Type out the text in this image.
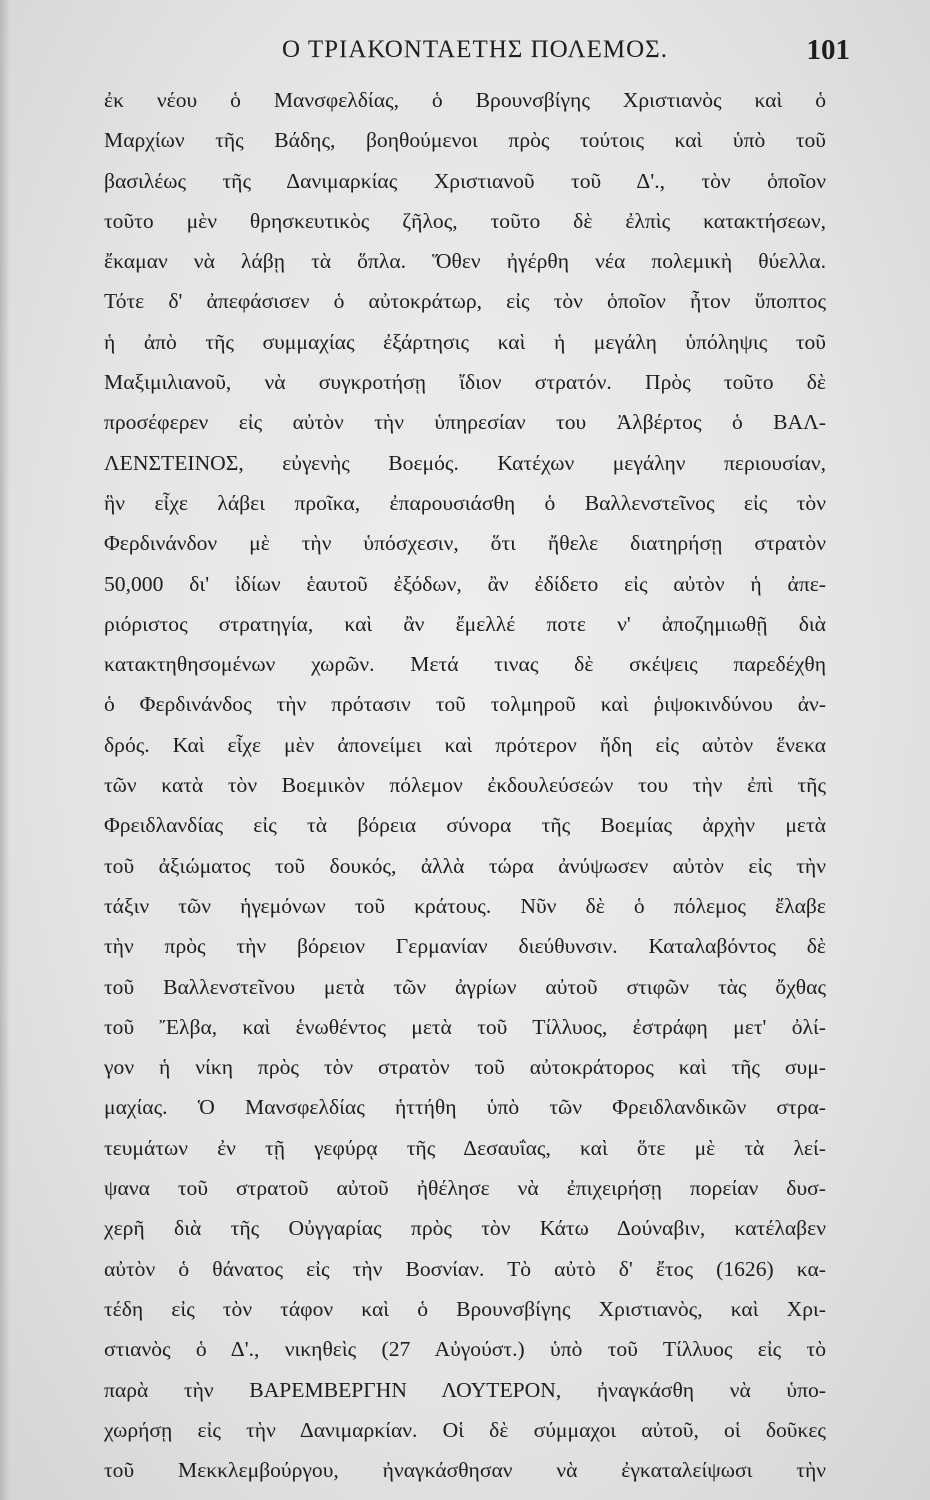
Ο ΤΡΙΑΚΟΝΤΑΕΤΗΣ ΠΟΛΕΜΟΣ.	101
ἐκ νέου ὁ Μανσφελδίας, ὁ Βρουνσβίγης Χριστιανὸς καὶ ὁ
Μαρχίων τῆς Βάδης, βοηθούμενοι πρὸς τούτοις καὶ ὑπὸ τοῦ
βασιλέως τῆς Δανιμαρκίας Χριστιανοῦ τοῦ Δ'., τὸν ὁποῖον
τοῦτο μὲν θρησκευτικὸς ζῆλος, τοῦτο δὲ ἐλπὶς κατακτήσεων,
ἔκαμαν νὰ λάβῃ τὰ ὅπλα. Ὅθεν ἠγέρθη νέα πολεμικὴ θύελλα.
Τότε δ' ἀπεφάσισεν ὁ αὐτοκράτωρ, εἰς τὸν ὁποῖον ἦτον ὕποπτος
ἡ ἀπὸ τῆς συμμαχίας ἐξάρτησις καὶ ἡ μεγάλη ὑπόληψις τοῦ
Μαξιμιλιανοῦ, νὰ συγκροτήσῃ ἴδιον στρατόν. Πρὸς τοῦτο δὲ
προσέφερεν εἰς αὐτὸν τὴν ὑπηρεσίαν του Ἀλβέρτος ὁ ΒΑΛ-
ΛΕΝΣΤΕΙΝΟΣ, εὐγενὴς Βοεμός. Κατέχων μεγάλην περιουσίαν,
ἣν εἶχε λάβει προῖκα, ἐπαρουσιάσθη ὁ Βαλλενστεῖνος εἰς τὸν
Φερδινάνδον μὲ τὴν ὑπόσχεσιν, ὅτι ἤθελε διατηρήσῃ στρατὸν
50,000 δι' ἰδίων ἑαυτοῦ ἐξόδων, ἂν ἐδίδετο εἰς αὐτὸν ἡ ἀπε-
ριόριστος στρατηγία, καὶ ἂν ἔμελλέ ποτε ν' ἀποζημιωθῇ διὰ
κατακτηθησομένων χωρῶν. Μετά τινας δὲ σκέψεις παρεδέχθη
ὁ Φερδινάνδος τὴν πρότασιν τοῦ τολμηροῦ καὶ ῥιψοκινδύνου ἀν-
δρός. Καὶ εἶχε μὲν ἀπονείμει καὶ πρότερον ἤδη εἰς αὐτὸν ἕνεκα
τῶν κατὰ τὸν Βοεμικὸν πόλεμον ἐκδουλεύσεών του τὴν ἐπὶ τῆς
Φρειδλανδίας εἰς τὰ βόρεια σύνορα τῆς Βοεμίας ἀρχὴν μετὰ
τοῦ ἀξιώματος τοῦ δουκός, ἀλλὰ τώρα ἀνύψωσεν αὐτὸν εἰς τὴν
τάξιν τῶν ἡγεμόνων τοῦ κράτους. Νῦν δὲ ὁ πόλεμος ἔλαβε
τὴν πρὸς τὴν βόρειον Γερμανίαν διεύθυνσιν. Καταλαβόντος δὲ
τοῦ Βαλλενστεῖνου μετὰ τῶν ἀγρίων αὐτοῦ στιφῶν τὰς ὄχθας
τοῦ Ἔλβα, καὶ ἑνωθέντος μετὰ τοῦ Τίλλυος, ἐστράφη μετ' ὀλί-
γον ἡ νίκη πρὸς τὸν στρατὸν τοῦ αὐτοκράτορος καὶ τῆς συμ-
μαχίας. Ὁ Μανσφελδίας ἡττήθη ὑπὸ τῶν Φρειδλανδικῶν στρα-
τευμάτων ἐν τῇ γεφύρᾳ τῆς Δεσαυΐας, καὶ ὅτε μὲ τὰ λεί-
ψανα τοῦ στρατοῦ αὐτοῦ ἠθέλησε νὰ ἐπιχειρήσῃ πορείαν δυσ-
χερῆ διὰ τῆς Οὐγγαρίας πρὸς τὸν Κάτω Δούναβιν, κατέλαβεν
αὐτὸν ὁ θάνατος εἰς τὴν Βοσνίαν. Τὸ αὐτὸ δ' ἔτος (1626) κα-
τέδη εἰς τὸν τάφον καὶ ὁ Βρουνσβίγης Χριστιανὸς, καὶ Χρι-
στιανὸς ὁ Δ'., νικηθεὶς (27 Αὐγούστ.) ὑπὸ τοῦ Τίλλυος εἰς τὸ
παρὰ τὴν ΒΑΡΕΜΒΕΡΓΗΝ ΛΟΥΤΕΡΟΝ, ἠναγκάσθη νὰ ὑπο-
χωρήσῃ εἰς τὴν Δανιμαρκίαν. Οἱ δὲ σύμμαχοι αὐτοῦ, οἱ δοῦκες
τοῦ Μεκκλεμβούργου, ἠναγκάσθησαν νὰ ἐγκαταλείψωσι τὴν
